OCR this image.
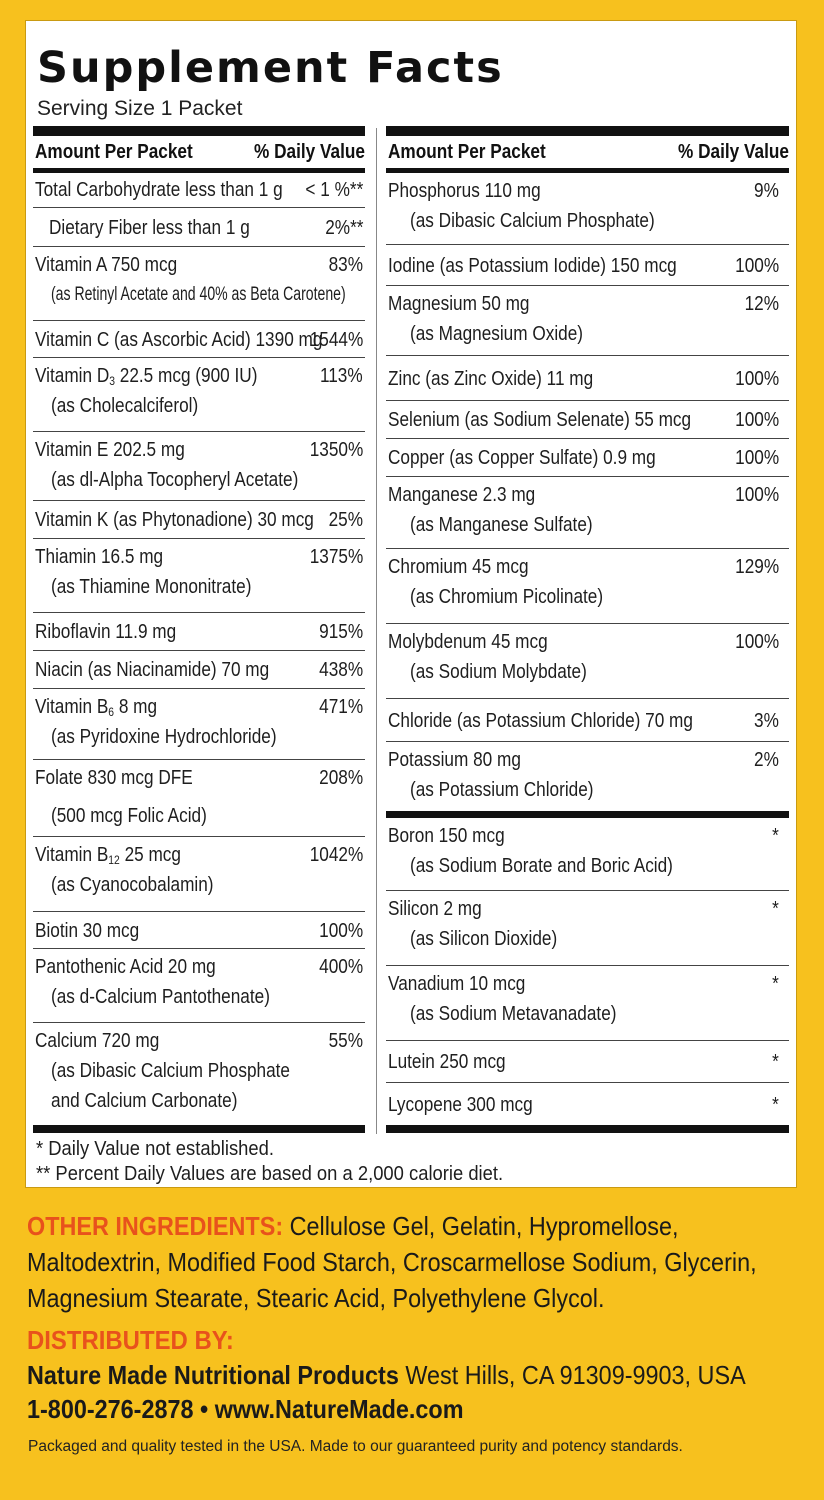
Supplement Facts
Serving Size 1 Packet
Amount Per Packet	% Daily Value Amount Per Packet	% Daily Value
Total Carbohydrate less than 1 g < 1 %**
Dietary Fiber less than 1 g	2%**
Vitamin A 750 mcg	83%
(as Retinyl Acetate and 40% as Beta Carotene)
Vitamin C (as Ascorbic Acid) 1390 mg
1544%
Vitamin $D_3$ 22.5 mcg (900 IU)	113%
(as Cholecalciferol)
Vitamin E 202.5 mg	1350%
(as dl-Alpha Tocopheryl Acetate)
Vitamin K (as Phytonadione) 30 mcg 25%
Thiamin 16.5 mg	1375%
(as Thiamine Mononitrate)
Riboflavin 11.9 mg	915%
Niacin (as Niacinamide) 70 mg 438%
Vitamin $B_6$ 8 mg	471%
(as Pyridoxine Hydrochloride)
Folate 830 mcg DFE	208%
(500 mcg Folic Acid)
Vitamin $B_{12}$ 25 mcg	1042%
(as Cyanocobalamin)
Biotin 30 mcg	100%
Pantothenic Acid 20 mg	400%
(as d-Calcium Pantothenate)
Calcium 720 mg	55%
(as Dibasic Calcium Phosphate
and Calcium Carbonate)
Phosphorus 110 mg	9%
(as Dibasic Calcium Phosphate)
Iodine (as Potassium Iodide) 150 mcg	100%
Magnesium 50 mg	12%
(as Magnesium Oxide)
Zinc (as Zinc Oxide) 11 mg	100%
Selenium (as Sodium Selenate) 55 mcg 100%
Copper (as Copper Sulfate) 0.9 mg	100%
Manganese 2.3 mg	100%
(as Manganese Sulfate)
Chromium 45 mcg	129%
(as Chromium Picolinate)
Molybdenum 45 mcg	100%
(as Sodium Molybdate)
Chloride (as Potassium Chloride) 70 mg	3%
Potassium 80 mg	2%
(as Potassium Chloride)
Boron 150 mcg	*
(as Sodium Borate and Boric Acid)
Silicon 2 mg	*
(as Silicon Dioxide)
Vanadium 10 mcg	*
(as Sodium Metavanadate)
Lutein 250 mcg	*
Lycopene 300 mcg	*
* Daily Value not established.
** Percent Daily Values are based on a 2,000 calorie diet.
OTHER INGREDIENTS: Cellulose Gel, Gelatin, Hypromellose, Maltodextrin, Modified Food Starch, Croscarmellose Sodium, Glycerin, Magnesium Stearate, Stearic Acid, Polyethylene Glycol.
DISTRIBUTED BY:
Nature Made Nutritional Products West Hills, CA 91309-9903, USA
1-800-276-2878 • www.NatureMade.com
Packaged and quality tested in the USA. Made to our guaranteed purity and potency standards.
